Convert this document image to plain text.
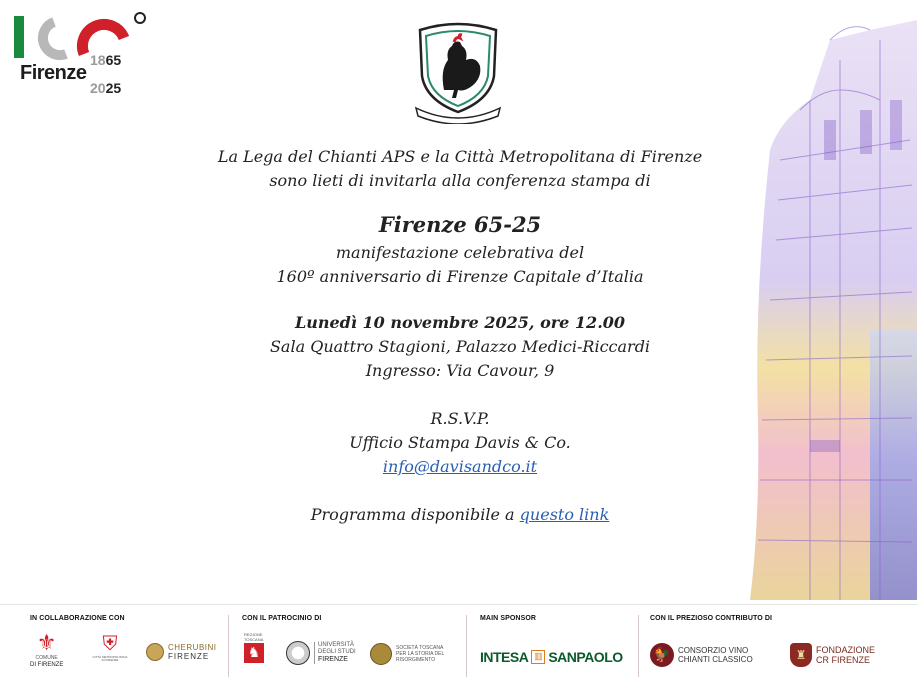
Firenze
1865
2025
La Lega del Chianti APS e la Città Metropolitana di Firenze
sono lieti di invitarla alla conferenza stampa di
Firenze 65-25
manifestazione celebrativa del
160º anniversario di Firenze Capitale d’Italia
Lunedì 10 novembre 2025, ore 12.00
Sala Quattro Stagioni, Palazzo Medici-Riccardi
Ingresso: Via Cavour, 9
R.S.V.P.
Ufficio Stampa Davis & Co.
info@davisandco.it
Programma disponibile a questo link
IN COLLABORAZIONE CON
⚜
COMUNE
DI FIRENZE
⛨
CITTÀ METROPOLITANA DI FIRENZE
CHERUBINI
FIRENZE
CON IL PATROCINIO DI
REGIONE
TOSCANA
♞	UNIVERSITÀ
DEGLI STUDI
FIRENZE
SOCIETÀ TOSCANA
PER LA STORIA DEL
RISORGIMENTO
MAIN SPONSOR
INTESA ▥ SANPAOLO
CON IL PREZIOSO CONTRIBUTO DI
🐓 CONSORZIO VINO
CHIANTI CLASSICO	♜	FONDAZIONE
CR FIRENZE
